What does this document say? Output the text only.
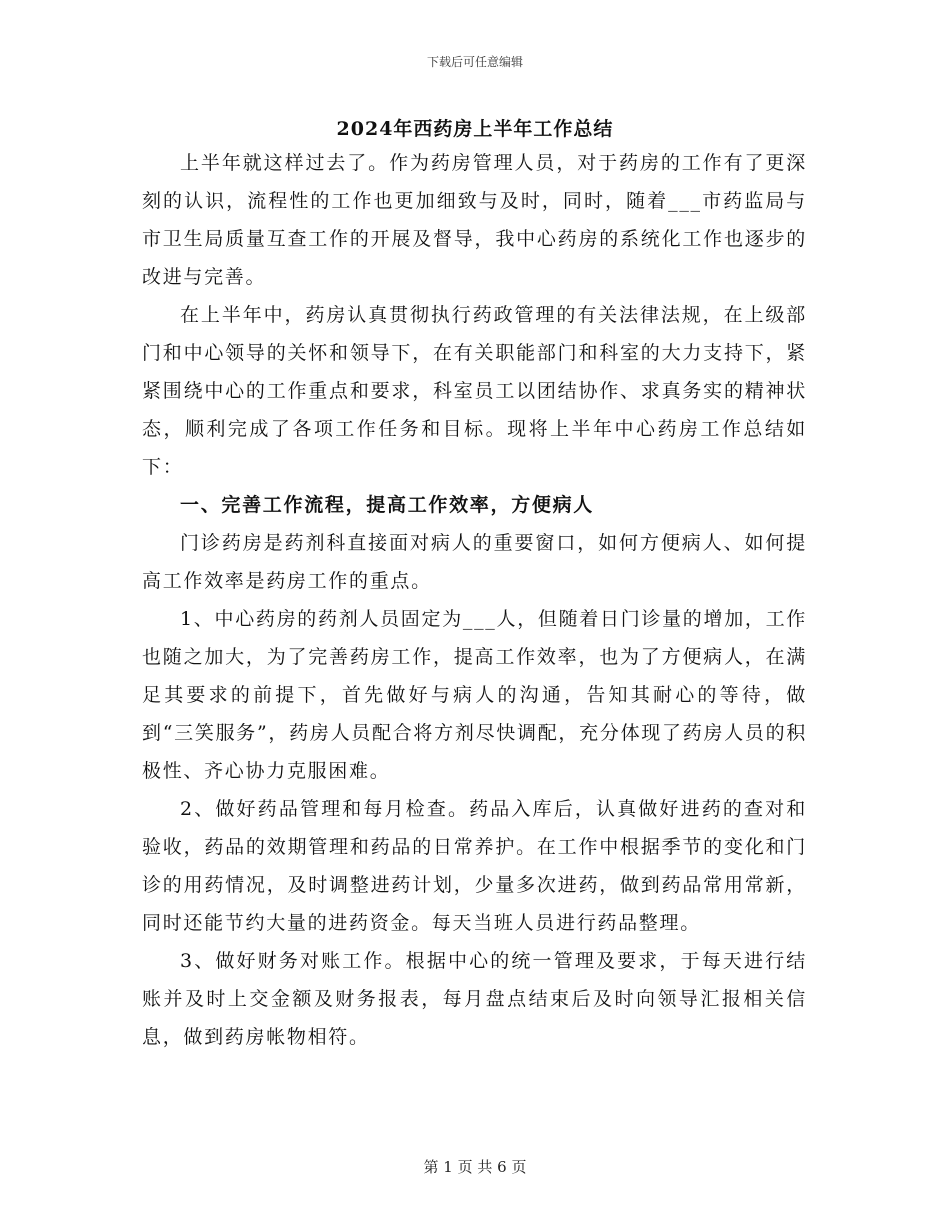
下载后可任意编辑
2024年西药房上半年工作总结

上半年就这样过去了。作为药房管理人员，对于药房的工作有了更深刻的认识，流程性的工作也更加细致与及时，同时，随着___市药监局与市卫生局质量互查工作的开展及督导，我中心药房的系统化工作也逐步的改进与完善。

在上半年中，药房认真贯彻执行药政管理的有关法律法规，在上级部门和中心领导的关怀和领导下，在有关职能部门和科室的大力支持下，紧紧围绕中心的工作重点和要求，科室员工以团结协作、求真务实的精神状态，顺利完成了各项工作任务和目标。现将上半年中心药房工作总结如下：

一、完善工作流程，提高工作效率，方便病人

门诊药房是药剂科直接面对病人的重要窗口，如何方便病人、如何提高工作效率是药房工作的重点。

1、中心药房的药剂人员固定为___人，但随着日门诊量的增加，工作也随之加大，为了完善药房工作，提高工作效率，也为了方便病人，在满足其要求的前提下，首先做好与病人的沟通，告知其耐心的等待，做到“三笑服务”，药房人员配合将方剂尽快调配，充分体现了药房人员的积极性、齐心协力克服困难。

2、做好药品管理和每月检查。药品入库后，认真做好进药的查对和验收，药品的效期管理和药品的日常养护。在工作中根据季节的变化和门诊的用药情况，及时调整进药计划，少量多次进药，做到药品常用常新，同时还能节约大量的进药资金。每天当班人员进行药品整理。

3、做好财务对账工作。根据中心的统一管理及要求，于每天进行结账并及时上交金额及财务报表，每月盘点结束后及时向领导汇报相关信息，做到药房帐物相符。

第 1 页 共 6 页
